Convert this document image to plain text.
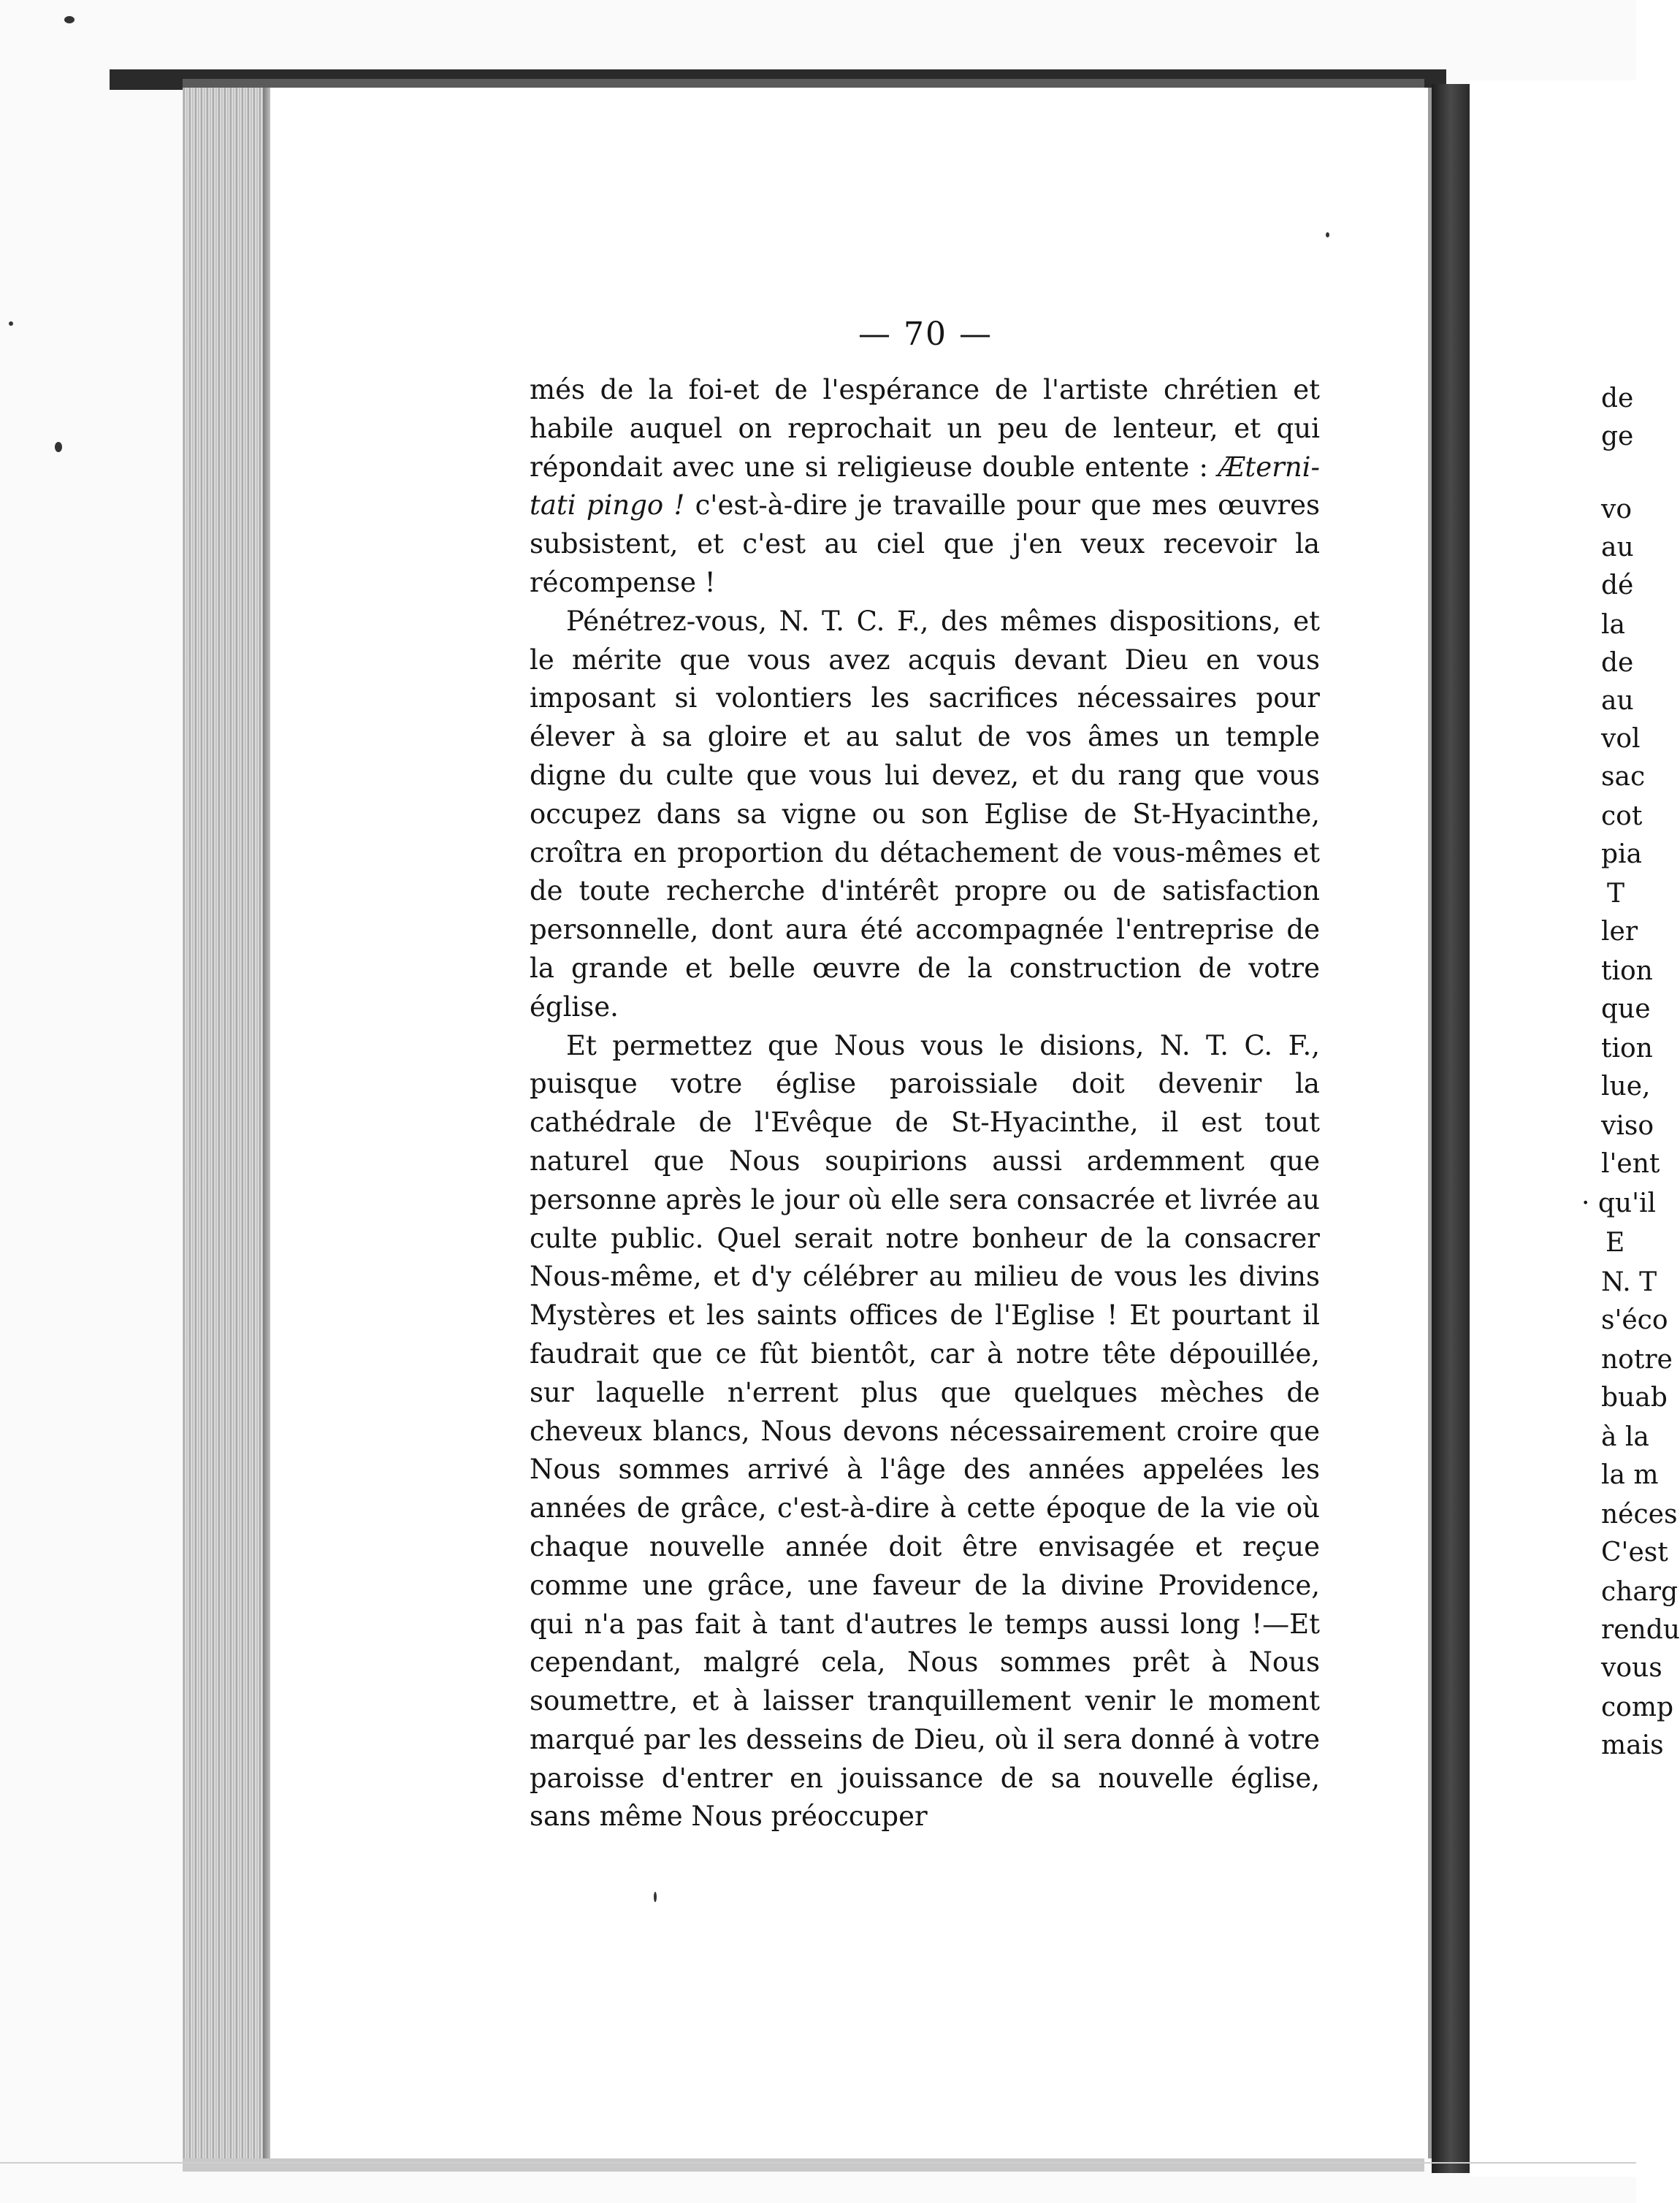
de
ge
vo
au
dé
la
de
au
vol
sac
cot
pia
T
ler
tion
que
tion
lue,
viso
l'ent
· qu'il
E
N. T
s'éco
notre
buab
à la
la m
néces
C'est
charg
rendu
vous
comp
mais
— 70 —

més de la foi-et de l'espérance de l'artiste chrétien et habile auquel on reprochait un peu de lenteur, et qui répondait avec une si religieuse double entente : Æternitati pingo ! c'est-à-dire je travaille pour que mes œuvres subsistent, et c'est au ciel que j'en veux recevoir la récompense !

Pénétrez-vous, N. T. C. F., des mêmes dispositions, et le mérite que vous avez acquis devant Dieu en vous imposant si volontiers les sacrifices nécessaires pour élever à sa gloire et au salut de vos âmes un temple digne du culte que vous lui devez, et du rang que vous occupez dans sa vigne ou son Eglise de St-Hyacinthe, croîtra en proportion du détachement de vous-mêmes et de toute recherche d'intérêt propre ou de satisfaction personnelle, dont aura été accompagnée l'entreprise de la grande et belle œuvre de la construction de votre église.

Et permettez que Nous vous le disions, N. T. C. F., puisque votre église paroissiale doit devenir la cathédrale de l'Evêque de St-Hyacinthe, il est tout naturel que Nous soupirions aussi ardemment que personne après le jour où elle sera consacrée et livrée au culte public. Quel serait notre bonheur de la consacrer Nous-même, et d'y célébrer au milieu de vous les divins Mystères et les saints offices de l'Eglise ! Et pourtant il faudrait que ce fût bientôt, car à notre tête dépouillée, sur laquelle n'errent plus que quelques mèches de cheveux blancs, Nous devons nécessairement croire que Nous sommes arrivé à l'âge des années appelées les années de grâce, c'est-à-dire à cette époque de la vie où chaque nouvelle année doit être envisagée et reçue comme une grâce, une faveur de la divine Providence, qui n'a pas fait à tant d'autres le temps aussi long !—Et cependant, malgré cela, Nous sommes prêt à Nous soumettre, et à laisser tranquillement venir le moment marqué par les desseins de Dieu, où il sera donné à votre paroisse d'entrer en jouissance de sa nouvelle église, sans même Nous préoccuper
